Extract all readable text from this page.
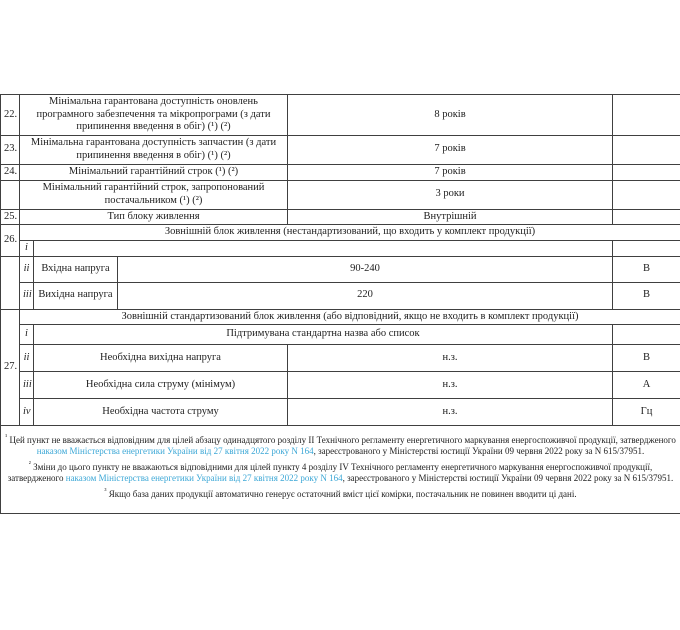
22.	Мінімальна гарантована доступність оновлень програмного забезпечення та мікропрограми (з дати припинення введення в обіг) (¹) (²)			8 років	
23.	Мінімальна гарантована доступність запчастин (з дати припинення введення в обіг) (¹) (²)			7 років	
24.	Мінімальний гарантійний строк (¹) (²)			7 років	
	Мінімальний гарантійний строк, запропонований постачальником (¹) (²)			3 роки	
25.	Тип блоку живлення			Внутрішній	
26.	Зовнішній блок живлення (нестандартизований, що входить у комплект продукції)				
	i				
	ii	Вхідна напруга	90-240		В
	iii	Вихідна напруга	220		В
27.	Зовнішній стандартизований блок живлення (або відповідний, якщо не входить в комплект продукції)				
	i	Підтримувана стандартна назва або список			
	ii	Необхідна вихідна напруга		н.з.	В
	iii	Необхідна сила струму (мінімум)		н.з.	А
	iv	Необхідна частота струму		н.з.	Гц

$^{^1}$ Цей пункт не вважається відповідним для цілей абзацу одинадцятого розділу II Технічного регламенту енергетичного маркування енергоспоживчої продукції, затвердженого наказом Міністерства енергетики України від 27 квітня 2022 року N 164, зареєстрованого у Міністерстві юстиції України 09 червня 2022 року за N 615/37951.

$^{^2}$ Зміни до цього пункту не вважаються відповідними для цілей пункту 4 розділу IV Технічного регламенту енергетичного маркування енергоспоживчої продукції, затвердженого наказом Міністерства енергетики України від 27 квітня 2022 року N 164, зареєстрованого у Міністерстві юстиції України 09 червня 2022 року за N 615/37951.

$^{^3}$ Якщо база даних продукції автоматично генерує остаточний вміст цієї комірки, постачальник не повинен вводити ці дані.					
